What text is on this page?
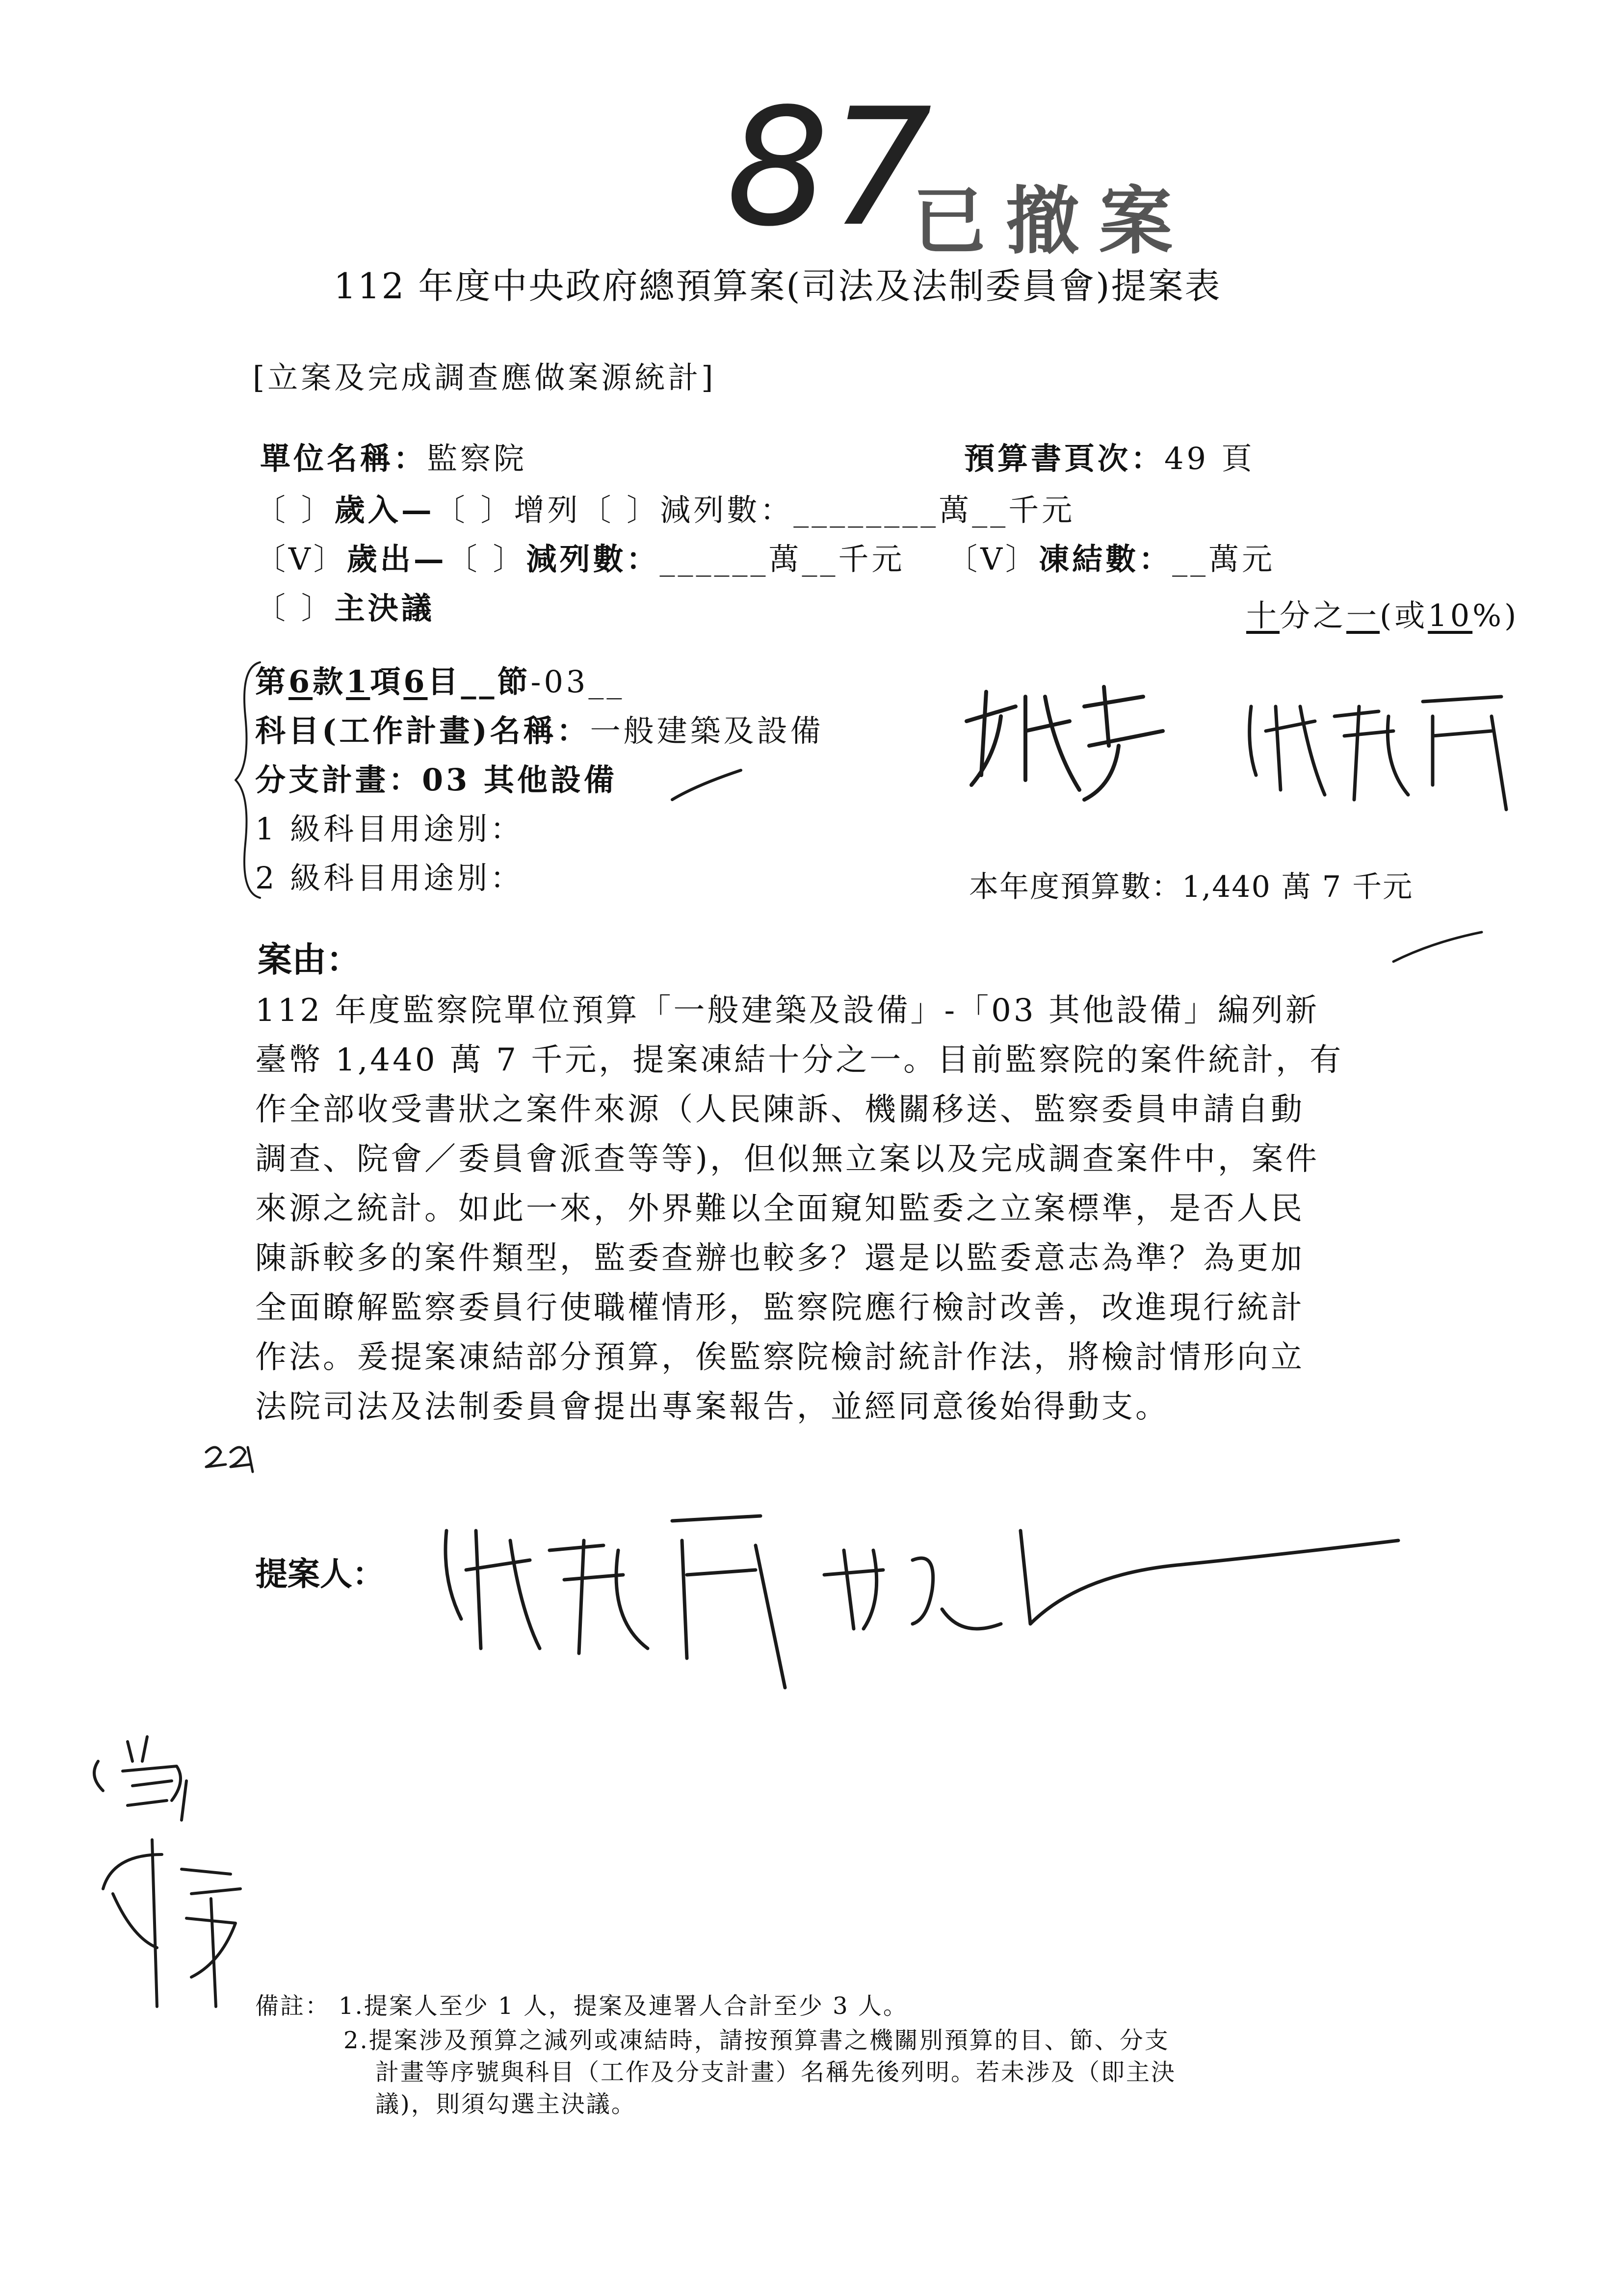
87
已撤案
112 年度中央政府總預算案(司法及法制委員會)提案表
[立案及完成調查應做案源統計]
單位名稱：監察院	預算書頁次：49 頁
〔 〕歲入—〔 〕增列〔 〕減列數：________萬__千元
〔V〕歲出—〔 〕減列數：______萬__千元 〔V〕凍結數：__萬元
〔 〕主決議	十分之一(或10%)
第6款1項6目__節-03__
科目(工作計畫)名稱：一般建築及設備
分支計畫：03 其他設備
1 級科目用途別：
2 級科目用途別：	本年度預算數：1,440 萬 7 千元
案由：
112 年度監察院單位預算「一般建築及設備」-「03 其他設備」編列新
臺幣 1,440 萬 7 千元，提案凍結十分之一。目前監察院的案件統計，有
作全部收受書狀之案件來源（人民陳訴、機關移送、監察委員申請自動
調查、院會／委員會派查等等)，但似無立案以及完成調查案件中，案件
來源之統計。如此一來，外界難以全面窺知監委之立案標準，是否人民
陳訴較多的案件類型，監委查辦也較多？還是以監委意志為準？為更加
全面瞭解監察委員行使職權情形，監察院應行檢討改善，改進現行統計
作法。爰提案凍結部分預算，俟監察院檢討統計作法，將檢討情形向立
法院司法及法制委員會提出專案報告，並經同意後始得動支。
提案人：
備註： 1.提案人至少 1 人，提案及連署人合計至少 3 人。
2.提案涉及預算之減列或凍結時，請按預算書之機關別預算的目、節、分支
計畫等序號與科目（工作及分支計畫）名稱先後列明。若未涉及（即主決
議)，則須勾選主決議。
